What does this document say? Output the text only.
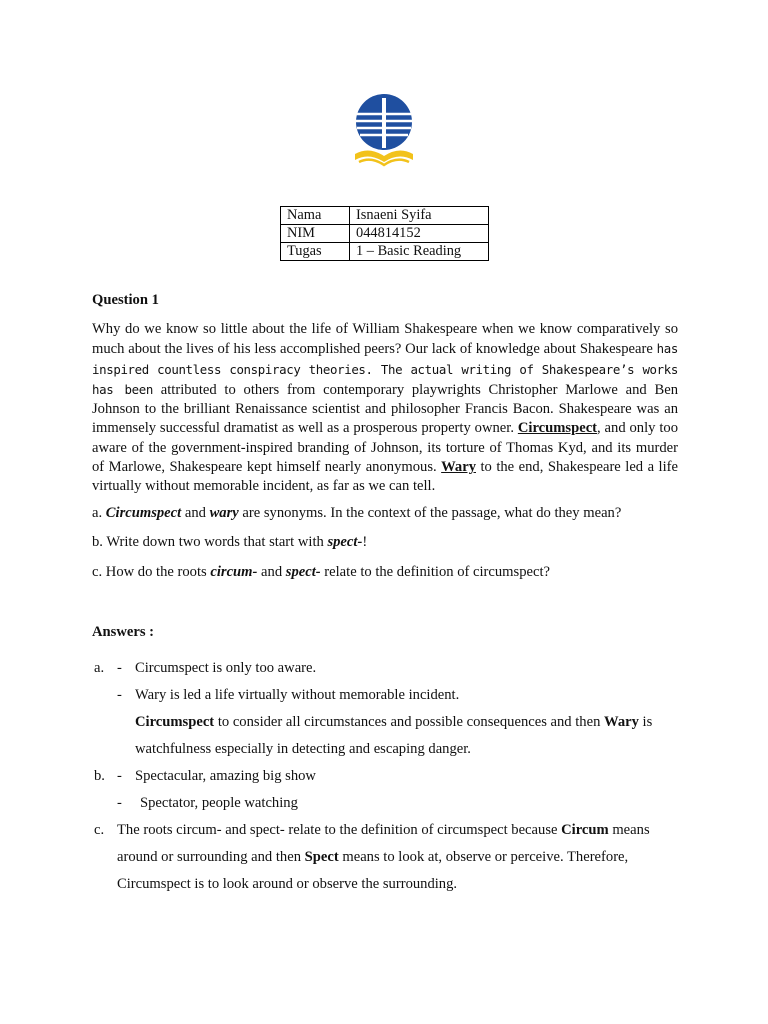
Nama	Isnaeni Syifa
NIM	044814152
Tugas	1 – Basic Reading
Question 1

Why do we know so little about the life of William Shakespeare when we know comparatively so much about the lives of his less accomplished peers? Our lack of knowledge about Shakespeare has inspired countless conspiracy theories. The actual writing of Shakespeare’s works has been attributed to others from contemporary playwrights Christopher Marlowe and Ben Johnson to the brilliant Renaissance scientist and philosopher Francis Bacon. Shakespeare was an immensely successful dramatist as well as a prosperous property owner. Circumspect, and only too aware of the government-inspired branding of Johnson, its torture of Thomas Kyd, and its murder of Marlowe, Shakespeare kept himself nearly anonymous. Wary to the end, Shakespeare led a life virtually without memorable incident, as far as we can tell.

a. Circumspect and wary are synonyms. In the context of the passage, what do they mean?

b. Write down two words that start with spect-!

c. How do the roots circum- and spect- relate to the definition of circumspect?

Answers :
a. - Circumspect is only too aware.
- Wary is led a life virtually without memorable incident.

Circumspect to consider all circumstances and possible consequences and then Wary is

watchfulness especially in detecting and escaping danger.
b. - Spectacular, amazing big show
- Spectator, people watching
c. The roots circum- and spect- relate to the definition of circumspect because Circum means

around or surrounding and then Spect means to look at, observe or perceive. Therefore,

Circumspect is to look around or observe the surrounding.
